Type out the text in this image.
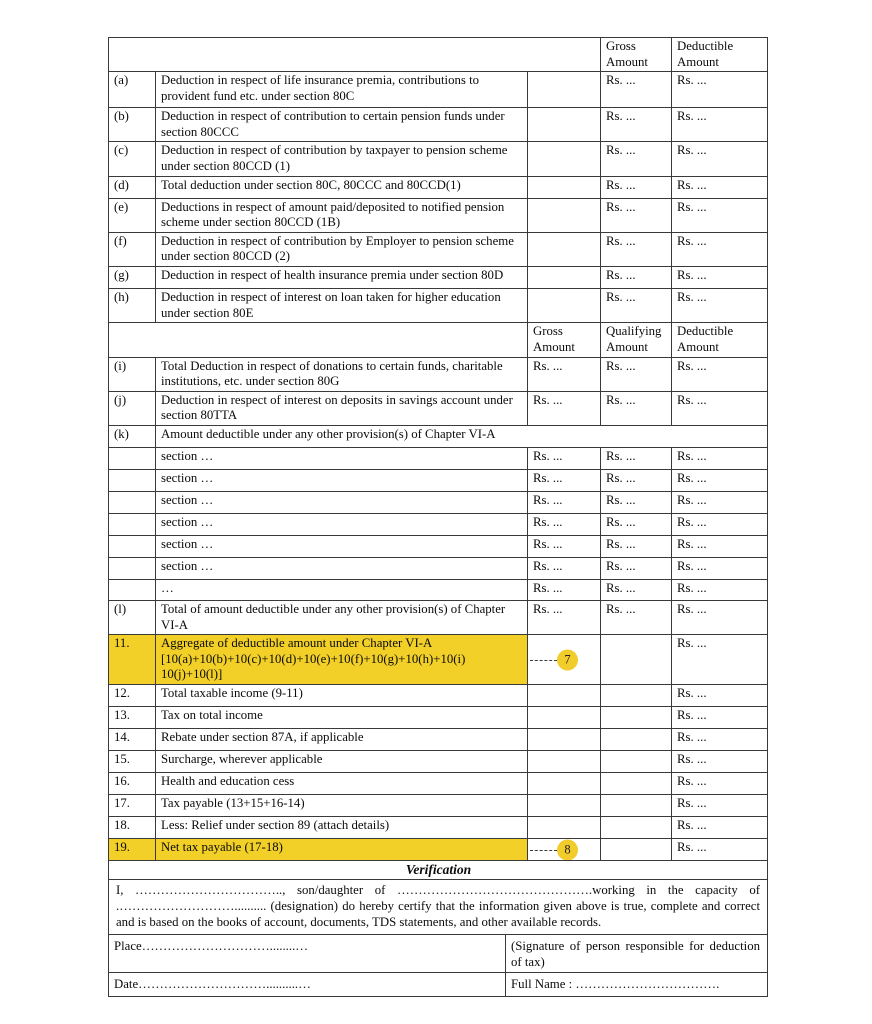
			Gross Amount	Deductible Amount
(a)	Deduction in respect of life insurance premia, contributions to provident fund etc. under section 80C		Rs. ...	Rs. ...
(b)	Deduction in respect of contribution to certain pension funds under section 80CCC		Rs. ...	Rs. ...
(c)	Deduction in respect of contribution by taxpayer to pension scheme under section 80CCD (1)		Rs. ...	Rs. ...
(d)	Total deduction under section 80C, 80CCC and 80CCD(1)		Rs. ...	Rs. ...
(e)	Deductions in respect of amount paid/deposited to notified pension scheme under section 80CCD (1B)		Rs. ...	Rs. ...
(f)	Deduction in respect of contribution by Employer to pension scheme under section 80CCD (2)		Rs. ...	Rs. ...
(g)	Deduction in respect of health insurance premia under section 80D		Rs. ...	Rs. ...
(h)	Deduction in respect of interest on loan taken for higher education under section 80E		Rs. ...	Rs. ...
		Gross Amount	Qualifying Amount	Deductible Amount
(i)	Total Deduction in respect of donations to certain funds, charitable institutions, etc. under section 80G	Rs. ...	Rs. ...	Rs. ...
(j)	Deduction in respect of interest on deposits in savings account under section 80TTA	Rs. ...	Rs. ...	Rs. ...
(k)	Amount deductible under any other provision(s) of Chapter VI-A			
	section …	Rs. ...	Rs. ...	Rs. ...
	section …	Rs. ...	Rs. ...	Rs. ...
	section …	Rs. ...	Rs. ...	Rs. ...
	section …	Rs. ...	Rs. ...	Rs. ...
	section …	Rs. ...	Rs. ...	Rs. ...
	section …	Rs. ...	Rs. ...	Rs. ...
	…	Rs. ...	Rs. ...	Rs. ...
(l)	Total of amount deductible under any other provision(s) of Chapter VI-A	Rs. ...	Rs. ...	Rs. ...
11.	Aggregate of deductible amount under Chapter VI-A [10(a)+10(b)+10(c)+10(d)+10(e)+10(f)+10(g)+10(h)+10(i) 10(j)+10(l)]	7		Rs. ...
12.	Total taxable income (9-11)			Rs. ...
13.	Tax on total income			Rs. ...
14.	Rebate under section 87A, if applicable			Rs. ...
15.	Surcharge, wherever applicable			Rs. ...
16.	Health and education cess			Rs. ...
17.	Tax payable (13+15+16-14)			Rs. ...
18.	Less: Relief under section 89 (attach details)			Rs. ...
19.	Net tax payable (17-18)	8		Rs. ...
Verification	
I, …………………………….., son/daughter of ……………………………………….working in the capacity of .……………………….......... (designation) do hereby certify that the information given above is true, complete and correct and is based on the books of account, documents, TDS statements, and other available records.	
Place…………………………........…	(Signature of person responsible for deduction of tax)
Date…………………………..........…	Full Name : …………………………….
